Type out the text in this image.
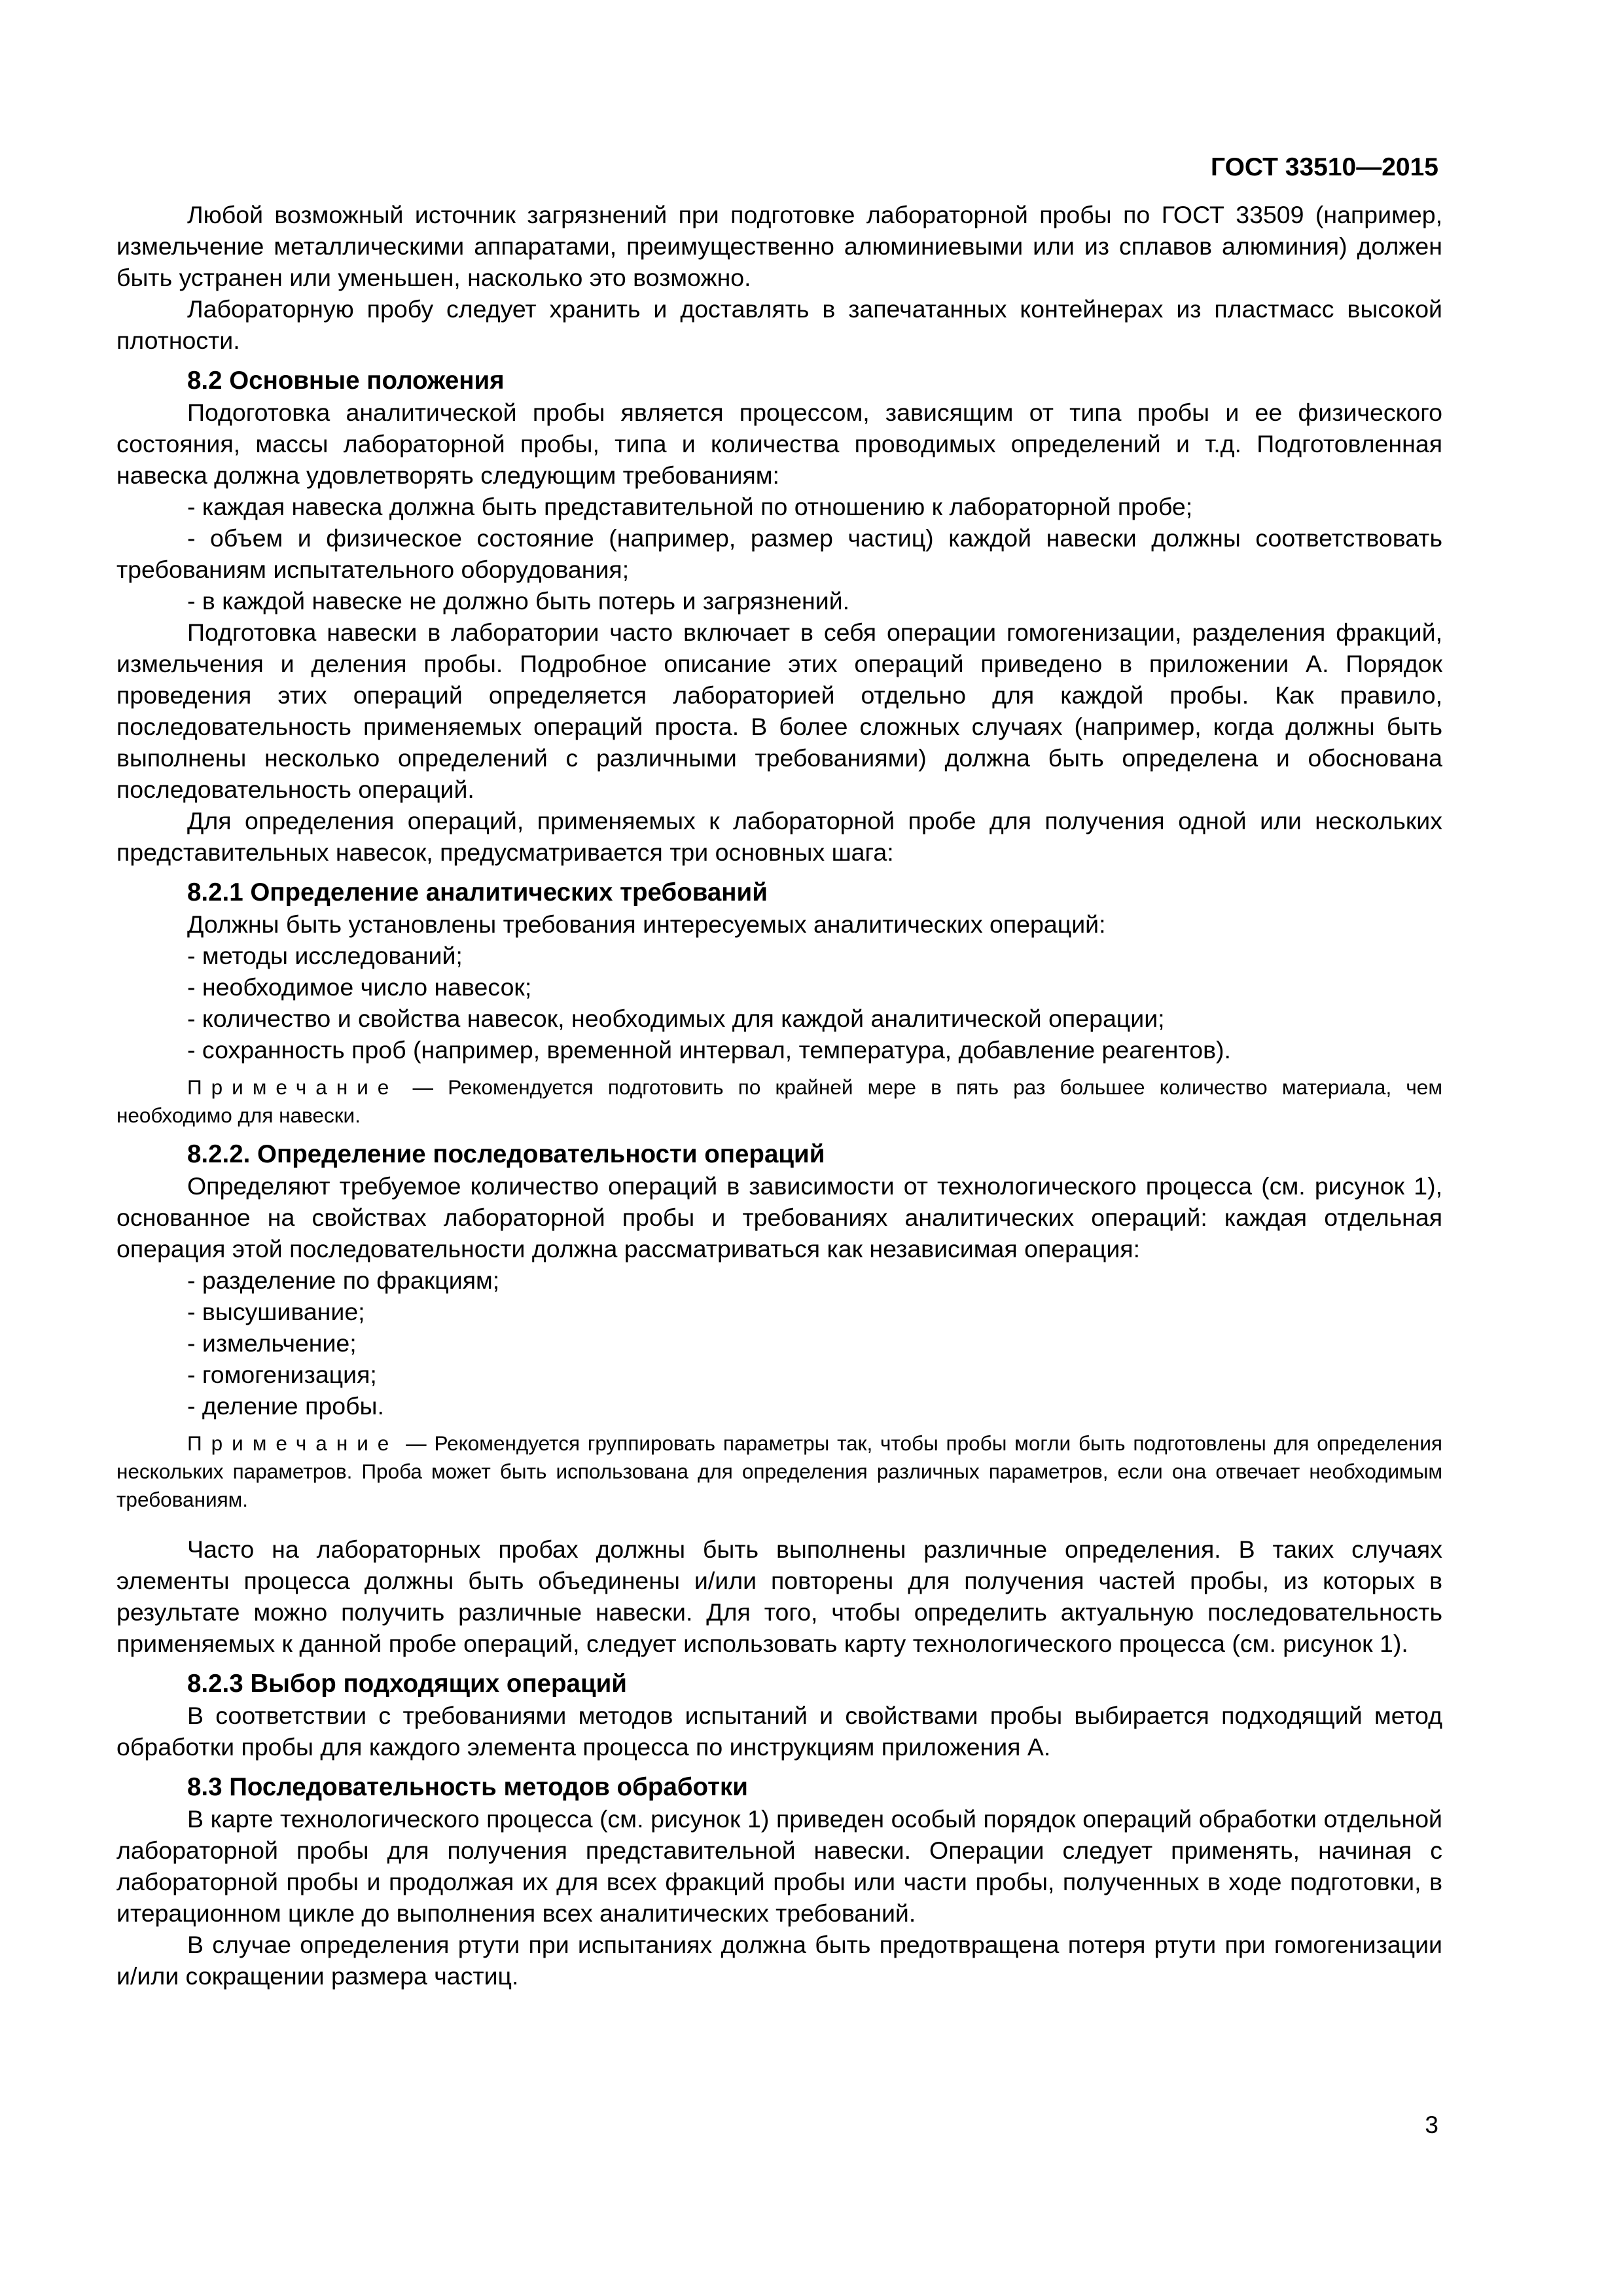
ГОСТ 33510—2015

Любой возможный источник загрязнений при подготовке лабораторной пробы по ГОСТ 33509 (например, измельчение металлическими аппаратами, преимущественно алюминиевыми или из сплавов алюминия) должен быть устранен или уменьшен, насколько это возможно.

Лабораторную пробу следует хранить и доставлять в запечатанных контейнерах из пластмасс высокой плотности.

8.2 Основные положения

Подоготовка аналитической пробы является процессом, зависящим от типа пробы и ее физического состояния, массы лабораторной пробы, типа и количества проводимых определений и т.д. Подготовленная навеска должна удовлетворять следующим требованиям:

- каждая навеска должна быть представительной по отношению к лабораторной пробе;

- объем и физическое состояние (например, размер частиц) каждой навески должны соответствовать требованиям испытательного оборудования;

- в каждой навеске не должно быть потерь и загрязнений.

Подготовка навески в лаборатории часто включает в себя операции гомогенизации, разделения фракций, измельчения и деления пробы. Подробное описание этих операций приведено в приложении А. Порядок проведения этих операций определяется лабораторией отдельно для каждой пробы. Как правило, последовательность применяемых операций проста. В более сложных случаях (например, когда должны быть выполнены несколько определений с различными требованиями) должна быть определена и обоснована последовательность операций.

Для определения операций, применяемых к лабораторной пробе для получения одной или нескольких представительных навесок, предусматривается три основных шага:

8.2.1 Определение аналитических требований

Должны быть установлены требования интересуемых аналитических операций:

- методы исследований;

- необходимое число навесок;

- количество и свойства навесок, необходимых для каждой аналитической операции;

- сохранность проб (например, временной интервал, температура, добавление реагентов).

Примечание — Рекомендуется подготовить по крайней мере в пять раз большее количество материала, чем необходимо для навески.

8.2.2. Определение последовательности операций

Определяют требуемое количество операций в зависимости от технологического процесса (см. рисунок 1), основанное на свойствах лабораторной пробы и требованиях аналитических операций: каждая отдельная операция этой последовательности должна рассматриваться как независимая операция:

- разделение по фракциям;

- высушивание;

- измельчение;

- гомогенизация;

- деление пробы.

Примечание — Рекомендуется группировать параметры так, чтобы пробы могли быть подготовлены для определения нескольких параметров. Проба может быть использована для определения различных параметров, если она отвечает необходимым требованиям.

Часто на лабораторных пробах должны быть выполнены различные определения. В таких случаях элементы процесса должны быть объединены и/или повторены для получения частей пробы, из которых в результате можно получить различные навески. Для того, чтобы определить актуальную последовательность применяемых к данной пробе операций, следует использовать карту технологического процесса (см. рисунок 1).

8.2.3 Выбор подходящих операций

В соответствии с требованиями методов испытаний и свойствами пробы выбирается подходящий метод обработки пробы для каждого элемента процесса по инструкциям приложения А.

8.3 Последовательность методов обработки

В карте технологического процесса (см. рисунок 1) приведен особый порядок операций обработки отдельной лабораторной пробы для получения представительной навески. Операции следует применять, начиная с лабораторной пробы и продолжая их для всех фракций пробы или части пробы, полученных в ходе подготовки, в итерационном цикле до выполнения всех аналитических требований.

В случае определения ртути при испытаниях должна быть предотвращена потеря ртути при гомогенизации и/или сокращении размера частиц.

3
